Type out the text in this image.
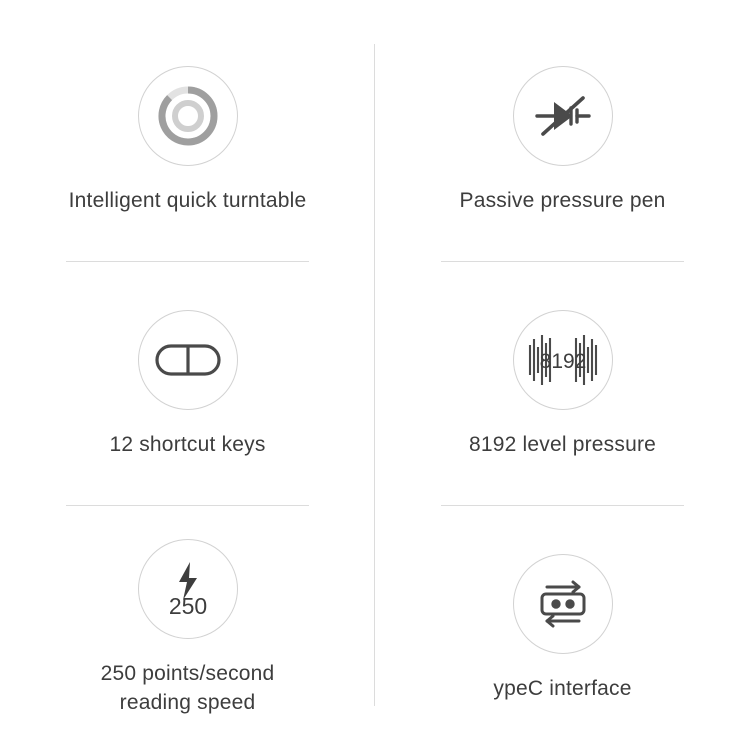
Intelligent quick turntable	Passive pressure pen
12 shortcut keys
8192
8192 level pressure
250
250 points/second
reading speed
ypeC interface
